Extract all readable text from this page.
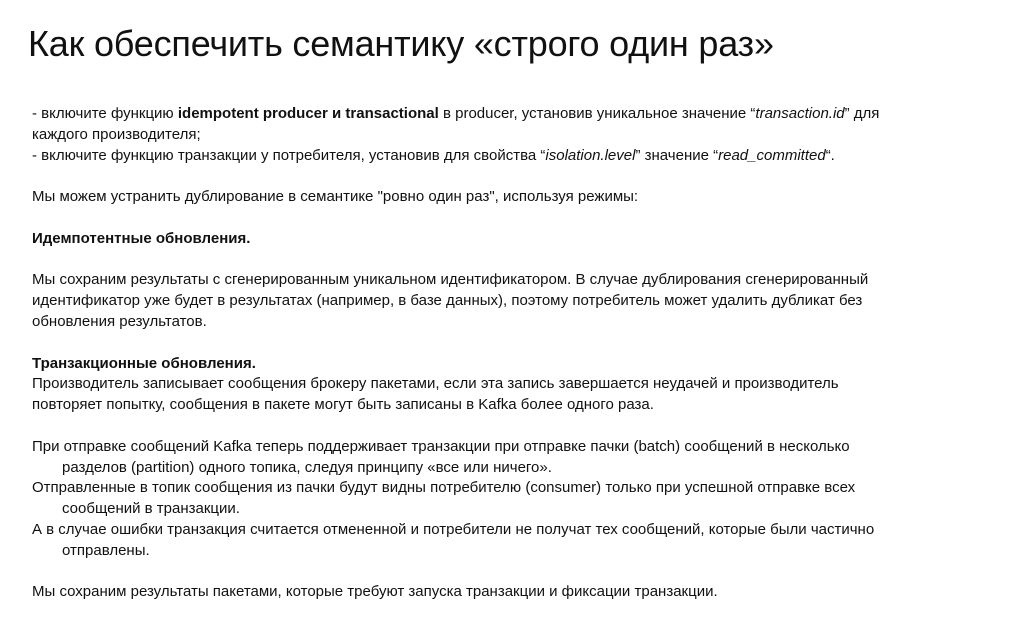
Как обеспечить семантику «строго один раз»
- включите функцию idempotent producer и transactional в producer, установив уникальное значение “transaction.id” для
каждого производителя;
- включите функцию транзакции у потребителя, установив для свойства “isolation.level” значение “read_committed“.
Мы можем устранить дублирование в семантике "ровно один раз", используя режимы:
Идемпотентные обновления.
Мы сохраним результаты с сгенерированным уникальном идентификатором. В случае дублирования сгенерированный
идентификатор уже будет в результатах (например, в базе данных), поэтому потребитель может удалить дубликат без
обновления результатов.
Транзакционные обновления.
Производитель записывает сообщения брокеру пакетами, если эта запись завершается неудачей и производитель
повторяет попытку, сообщения в пакете могут быть записаны в Kafka более одного раза.
При отправке сообщений Kafka теперь поддерживает транзакции при отправке пачки (batch) сообщений в несколько
разделов (partition) одного топика, следуя принципу «все или ничего».
Отправленные в топик сообщения из пачки будут видны потребителю (consumer) только при успешной отправке всех
сообщений в транзакции.
А в случае ошибки транзакция считается отмененной и потребители не получат тех сообщений, которые были частично
отправлены.
Мы сохраним результаты пакетами, которые требуют запуска транзакции и фиксации транзакции.
